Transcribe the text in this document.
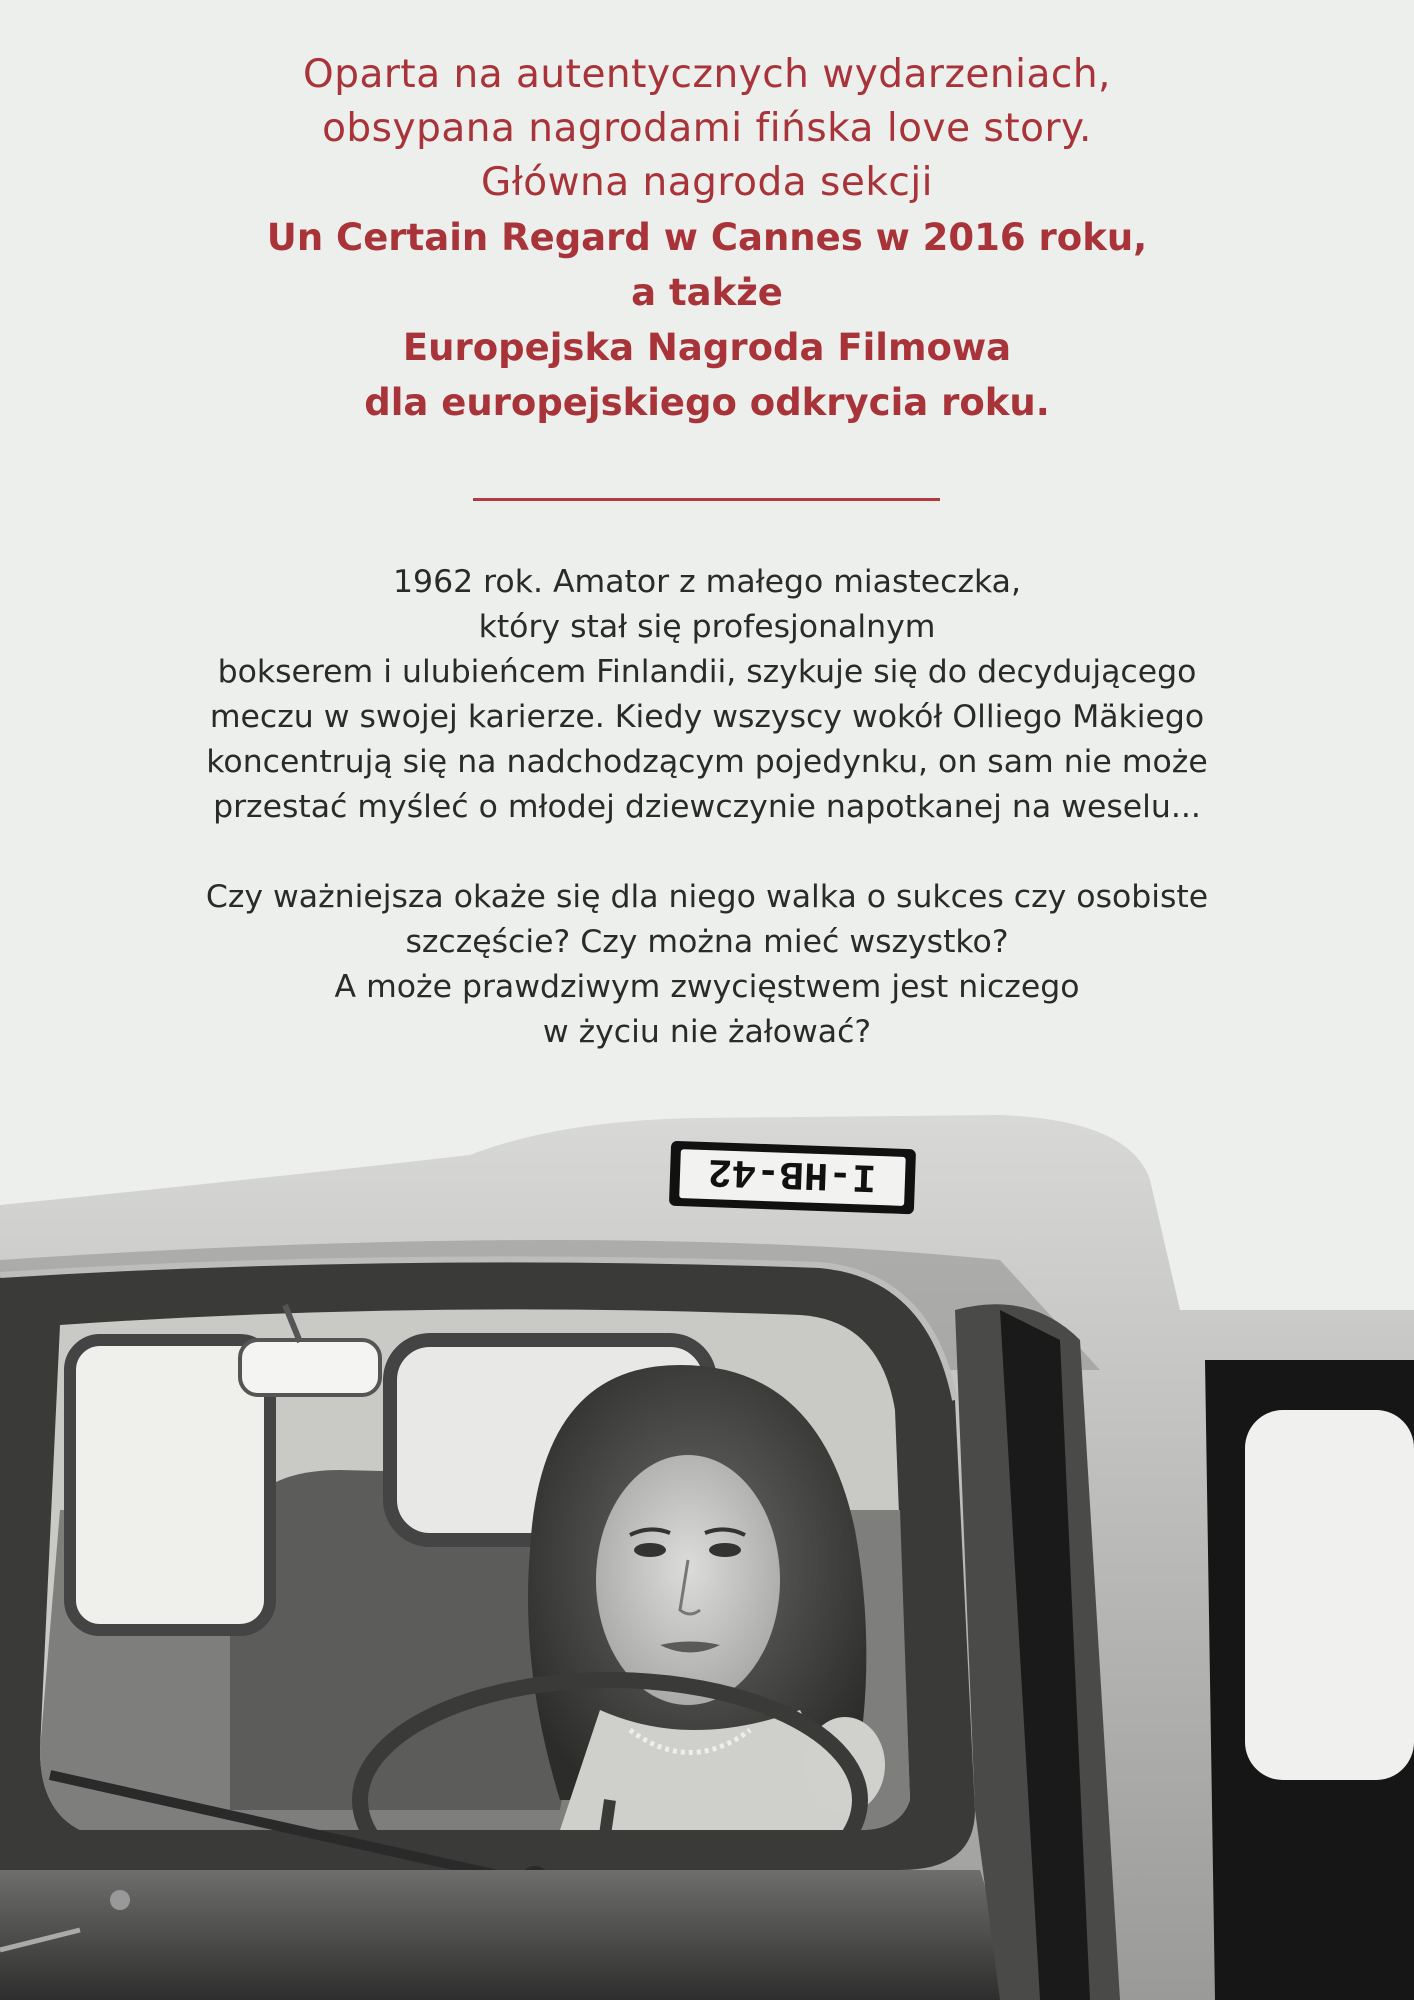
Oparta na autentycznych wydarzeniach,
obsypana nagrodami fińska love story.
Główna nagroda sekcji
Un Certain Regard w Cannes w 2016 roku,
a także
Europejska Nagroda Filmowa
dla europejskiego odkrycia roku.

1962 rok. Amator z małego miasteczka,

który stał się profesjonalnym

bokserem i ulubieńcem Finlandii, szykuje się do decydującego

meczu w swojej karierze. Kiedy wszyscy wokół Olliego Mäkiego

koncentrują się na nadchodzącym pojedynku, on sam nie może

przestać myśleć o młodej dziewczynie napotkanej na weselu...

Czy ważniejsza okaże się dla niego walka o sukces czy osobiste

szczęście? Czy można mieć wszystko?

A może prawdziwym zwycięstwem jest niczego

w życiu nie żałować?

I-HB-42
